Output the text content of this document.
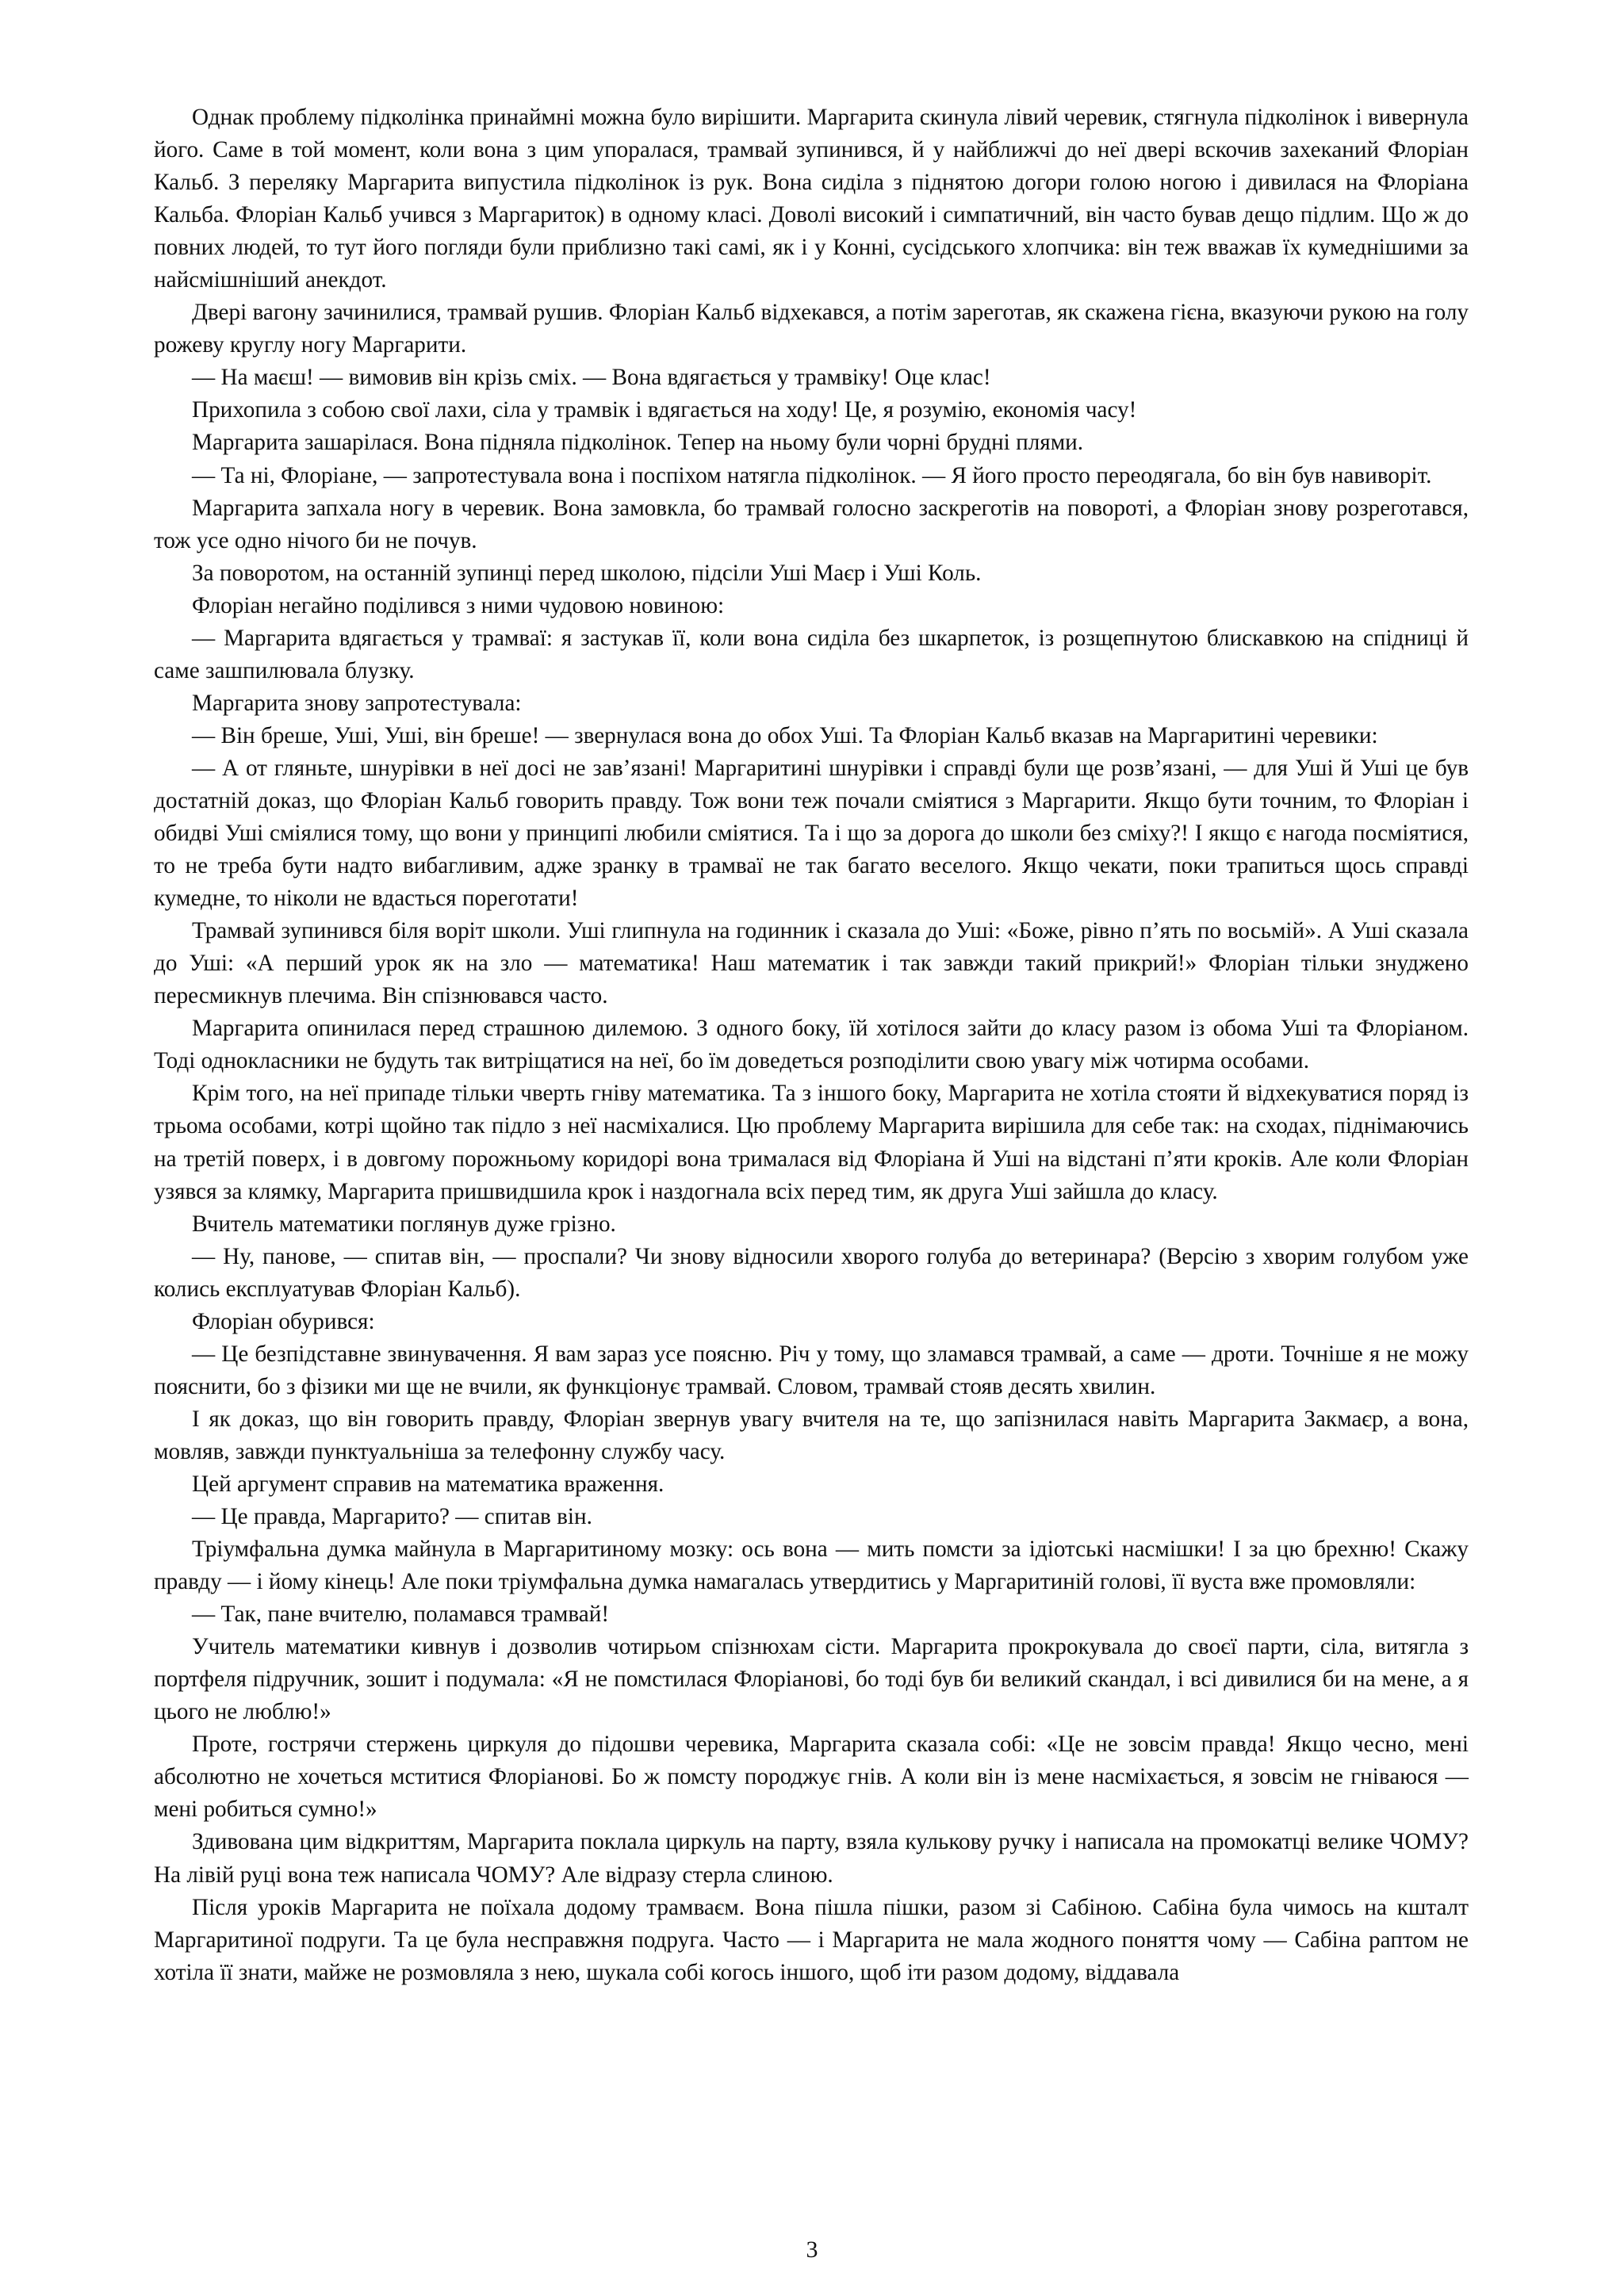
Однак проблему підколінка принаймні можна було вирішити. Маргарита скинула лівий черевик, стягнула підколінок і вивернула його. Саме в той момент, коли вона з цим упоралася, трамвай зупинився, й у найближчі до неї двері вскочив захеканий Флоріан Кальб. З переляку Маргарита випустила підколінок із рук. Вона сиділа з піднятою догори голою ногою і дивилася на Флоріана Кальба. Флоріан Кальб учився з Маргариток) в одному класі. Доволі високий і симпатичний, він часто бував дещо підлим. Що ж до повних людей, то тут його погляди були приблизно такі самі, як і у Конні, сусідського хлопчика: він теж вважав їх кумеднішими за найсмішніший анекдот.

Двері вагону зачинилися, трамвай рушив. Флоріан Кальб відхекався, а потім зареготав, як скажена гієна, вказуючи рукою на голу рожеву круглу ногу Маргарити.

— На маєш! — вимовив він крізь сміх. — Вона вдягається у трамвіку! Оце клас!

Прихопила з собою свої лахи, сіла у трамвік і вдягається на ходу! Це, я розумію, економія часу!

Маргарита зашарілася. Вона підняла підколінок. Тепер на ньому були чорні брудні плями.

— Та ні, Флоріане, — запротестувала вона і поспіхом натягла підколінок. — Я його просто переодягала, бо він був навиворіт.

Маргарита запхала ногу в черевик. Вона замовкла, бо трамвай голосно заскреготів на повороті, а Флоріан знову розреготався, тож усе одно нічого би не почув.

За поворотом, на останній зупинці перед школою, підсіли Уші Маєр і Уші Коль.

Флоріан негайно поділився з ними чудовою новиною:

— Маргарита вдягається у трамваї: я застукав її, коли вона сиділа без шкарпеток, із розщепнутою блискавкою на спідниці й саме зашпилювала блузку.

Маргарита знову запротестувала:

— Він бреше, Уші, Уші, він бреше! — звернулася вона до обох Уші. Та Флоріан Кальб вказав на Маргаритині черевики:

— А от гляньте, шнурівки в неї досі не зав’язані! Маргаритині шнурівки і справді були ще розв’язані, — для Уші й Уші це був достатній доказ, що Флоріан Кальб говорить правду. Тож вони теж почали сміятися з Маргарити. Якщо бути точним, то Флоріан і обидві Уші сміялися тому, що вони у принципі любили сміятися. Та і що за дорога до школи без сміху?! І якщо є нагода посміятися, то не треба бути надто вибагливим, адже зранку в трамваї не так багато веселого. Якщо чекати, поки трапиться щось справді кумедне, то ніколи не вдасться пореготати!

Трамвай зупинився біля воріт школи. Уші глипнула на годинник і сказала до Уші: «Боже, рівно п’ять по восьмій». А Уші сказала до Уші: «А перший урок як на зло — математика! Наш математик і так завжди такий прикрий!» Флоріан тільки знуджено пересмикнув плечима. Він спізнювався часто.

Маргарита опинилася перед страшною дилемою. З одного боку, їй хотілося зайти до класу разом із обома Уші та Флоріаном. Тоді однокласники не будуть так витріщатися на неї, бо їм доведеться розподілити свою увагу між чотирма особами.

Крім того, на неї припаде тільки чверть гніву математика. Та з іншого боку, Маргарита не хотіла стояти й відхекуватися поряд із трьома особами, котрі щойно так підло з неї насміхалися. Цю проблему Маргарита вирішила для себе так: на сходах, піднімаючись на третій поверх, і в довгому порожньому коридорі вона трималася від Флоріана й Уші на відстані п’яти кроків. Але коли Флоріан узявся за клямку, Маргарита пришвидшила крок і наздогнала всіх перед тим, як друга Уші зайшла до класу.

Вчитель математики поглянув дуже грізно.

— Ну, панове, — спитав він, — проспали? Чи знову відносили хворого голуба до ветеринара? (Версію з хворим голубом уже колись експлуатував Флоріан Кальб).

Флоріан обурився:

— Це безпідставне звинувачення. Я вам зараз усе поясню. Річ у тому, що зламався трамвай, а саме — дроти. Точніше я не можу пояснити, бо з фізики ми ще не вчили, як функціонує трамвай. Словом, трамвай стояв десять хвилин.

І як доказ, що він говорить правду, Флоріан звернув увагу вчителя на те, що запізнилася навіть Маргарита Закмаєр, а вона, мовляв, завжди пунктуальніша за телефонну службу часу.

Цей аргумент справив на математика враження.

— Це правда, Маргарито? — спитав він.

Тріумфальна думка майнула в Маргаритиному мозку: ось вона — мить помсти за ідіотські насмішки! І за цю брехню! Скажу правду — і йому кінець! Але поки тріумфальна думка намагалась утвердитись у Маргаритиній голові, її вуста вже промовляли:

— Так, пане вчителю, поламався трамвай!

Учитель математики кивнув і дозволив чотирьом спізнюхам сісти. Маргарита прокрокувала до своєї парти, сіла, витягла з портфеля підручник, зошит і подумала: «Я не помстилася Флоріанові, бо тоді був би великий скандал, і всі дивилися би на мене, а я цього не люблю!»

Проте, гострячи стержень циркуля до підошви черевика, Маргарита сказала собі: «Це не зовсім правда! Якщо чесно, мені абсолютно не хочеться мститися Флоріанові. Бо ж помсту породжує гнів. А коли він із мене насміхається, я зовсім не гніваюся — мені робиться сумно!»

Здивована цим відкриттям, Маргарита поклала циркуль на парту, взяла кулькову ручку і написала на промокатці велике ЧОМУ? На лівій руці вона теж написала ЧОМУ? Але відразу стерла слиною.

Після уроків Маргарита не поїхала додому трамваєм. Вона пішла пішки, разом зі Сабіною. Сабіна була чимось на кшталт Маргаритиної подруги. Та це була несправжня подруга. Часто — і Маргарита не мала жодного поняття чому — Сабіна раптом не хотіла її знати, майже не розмовляла з нею, шукала собі когось іншого, щоб іти разом додому, віддавала

3
